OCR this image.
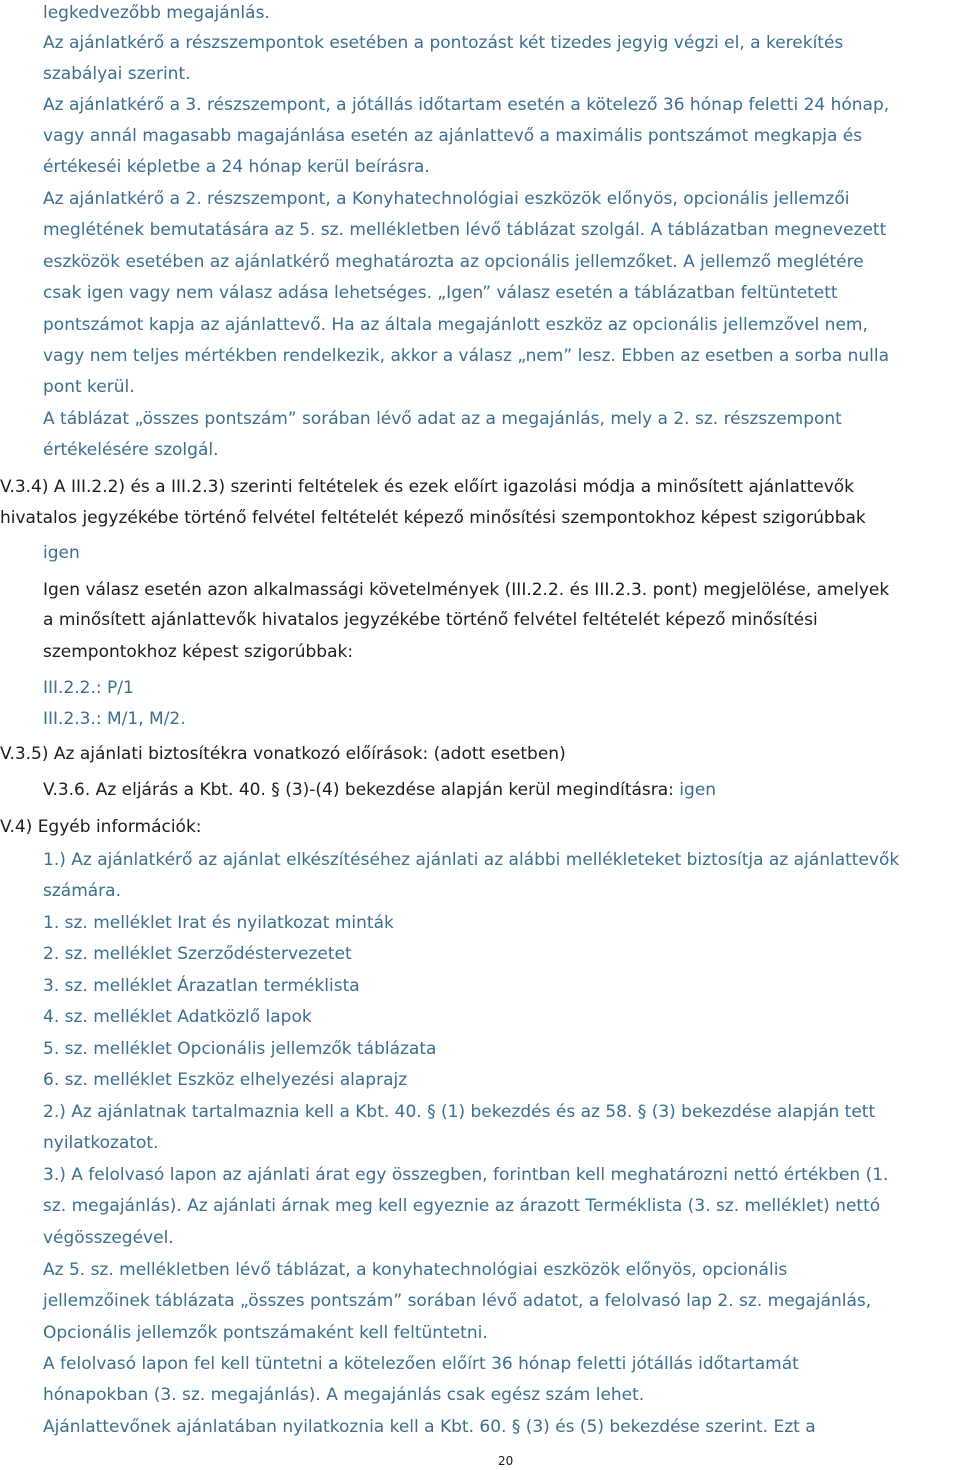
legkedvezőbb megajánlás.
Az ajánlatkérő a részszempontok esetében a pontozást két tizedes jegyig végzi el, a kerekítés
szabályai szerint.
Az ajánlatkérő a 3. részszempont, a jótállás időtartam esetén a kötelező 36 hónap feletti 24 hónap,
vagy annál magasabb magajánlása esetén az ajánlattevő a maximális pontszámot megkapja és
értékeséi képletbe a 24 hónap kerül beírásra.
Az ajánlatkérő a 2. részszempont, a Konyhatechnológiai eszközök előnyös, opcionális jellemzői
meglétének bemutatására az 5. sz. mellékletben lévő táblázat szolgál. A táblázatban megnevezett
eszközök esetében az ajánlatkérő meghatározta az opcionális jellemzőket. A jellemző meglétére
csak igen vagy nem válasz adása lehetséges. „Igen” válasz esetén a táblázatban feltüntetett
pontszámot kapja az ajánlattevő. Ha az általa megajánlott eszköz az opcionális jellemzővel nem,
vagy nem teljes mértékben rendelkezik, akkor a válasz „nem” lesz. Ebben az esetben a sorba nulla
pont kerül.
A táblázat „összes pontszám” sorában lévő adat az a megajánlás, mely a 2. sz. részszempont
értékelésére szolgál.
V.3.4) A III.2.2) és a III.2.3) szerinti feltételek és ezek előírt igazolási módja a minősített ajánlattevők
hivatalos jegyzékébe történő felvétel feltételét képező minősítési szempontokhoz képest szigorúbbak
igen
Igen válasz esetén azon alkalmassági követelmények (III.2.2. és III.2.3. pont) megjelölése, amelyek
a minősített ajánlattevők hivatalos jegyzékébe történő felvétel feltételét képező minősítési
szempontokhoz képest szigorúbbak:
III.2.2.: P/1
III.2.3.: M/1, M/2.
V.3.5) Az ajánlati biztosítékra vonatkozó előírások: (adott esetben)
V.3.6. Az eljárás a Kbt. 40. § (3)-(4) bekezdése alapján kerül megindításra: igen
V.4) Egyéb információk:
1.) Az ajánlatkérő az ajánlat elkészítéséhez ajánlati az alábbi mellékleteket biztosítja az ajánlattevők
számára.
1. sz. melléklet Irat és nyilatkozat minták
2. sz. melléklet Szerződéstervezetet
3. sz. melléklet Árazatlan terméklista
4. sz. melléklet Adatközlő lapok
5. sz. melléklet Opcionális jellemzők táblázata
6. sz. melléklet Eszköz elhelyezési alaprajz
2.) Az ajánlatnak tartalmaznia kell a Kbt. 40. § (1) bekezdés és az 58. § (3) bekezdése alapján tett
nyilatkozatot.
3.) A felolvasó lapon az ajánlati árat egy összegben, forintban kell meghatározni nettó értékben (1.
sz. megajánlás). Az ajánlati árnak meg kell egyeznie az árazott Terméklista (3. sz. melléklet) nettó
végösszegével.
Az 5. sz. mellékletben lévő táblázat, a konyhatechnológiai eszközök előnyös, opcionális
jellemzőinek táblázata „összes pontszám” sorában lévő adatot, a felolvasó lap 2. sz. megajánlás,
Opcionális jellemzők pontszámaként kell feltüntetni.
A felolvasó lapon fel kell tüntetni a kötelezően előírt 36 hónap feletti jótállás időtartamát
hónapokban (3. sz. megajánlás). A megajánlás csak egész szám lehet.
Ajánlattevőnek ajánlatában nyilatkoznia kell a Kbt. 60. § (3) és (5) bekezdése szerint. Ezt a
20
